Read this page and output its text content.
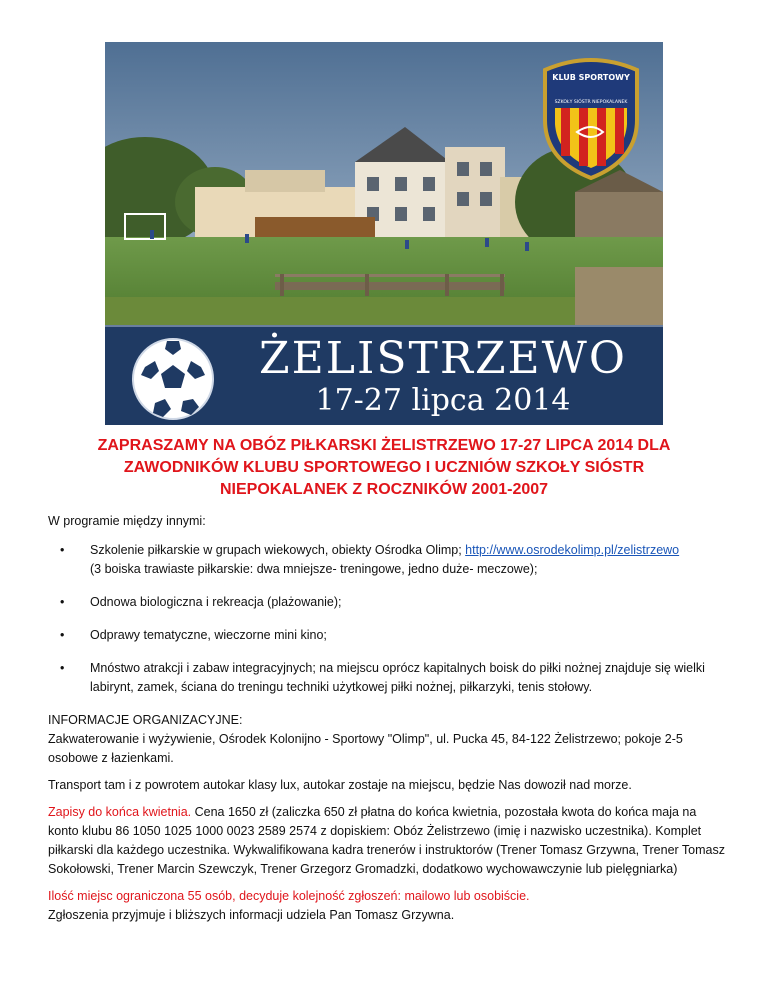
KLUB SPORTOWY
SZKOŁY SIÓSTR NIEPOKALANEK
ŻELISTRZEWO
17-27 lipca 2014
ZAPRASZAMY NA OBÓZ PIŁKARSKI ŻELISTRZEWO 17-27 LIPCA 2014 DLA ZAWODNIKÓW KLUBU SPORTOWEGO I UCZNIÓW SZKOŁY SIÓSTR NIEPOKALANEK Z ROCZNIKÓW 2001-2007

W programie między innymi:

• Szkolenie piłkarskie w grupach wiekowych, obiekty Ośrodka Olimp; http://www.osrodekolimp.pl/zelistrzewo
(3 boiska trawiaste piłkarskie: dwa mniejsze- treningowe, jedno duże- meczowe);
• Odnowa biologiczna i rekreacja (plażowanie);
• Odprawy tematyczne, wieczorne mini kino;
• Mnóstwo atrakcji i zabaw integracyjnych; na miejscu oprócz kapitalnych boisk do piłki nożnej znajduje się wielki labirynt, zamek, ściana do treningu techniki użytkowej piłki nożnej, piłkarzyki, tenis stołowy.

INFORMACJE ORGANIZACYJNE:

Zakwaterowanie i wyżywienie, Ośrodek Kolonijno - Sportowy "Olimp", ul. Pucka 45, 84-122 Żelistrzewo; pokoje 2-5 osobowe z łazienkami.

Transport tam i z powrotem autokar klasy lux, autokar zostaje na miejscu, będzie Nas dowoził nad morze.

Zapisy do końca kwietnia. Cena 1650 zł (zaliczka 650 zł płatna do końca kwietnia, pozostała kwota do końca maja na konto klubu 86 1050 1025 1000 0023 2589 2574 z dopiskiem: Obóz Żelistrzewo (imię i nazwisko uczestnika). Komplet piłkarski dla każdego uczestnika. Wykwalifikowana kadra trenerów i instruktorów (Trener Tomasz Grzywna, Trener Tomasz Sokołowski, Trener Marcin Szewczyk, Trener Grzegorz Gromadzki, dodatkowo wychowawczynie lub pielęgniarka)

Ilość miejsc ograniczona 55 osób, decyduje kolejność zgłoszeń: mailowo lub osobiście.

Zgłoszenia przyjmuje i bliższych informacji udziela Pan Tomasz Grzywna.
